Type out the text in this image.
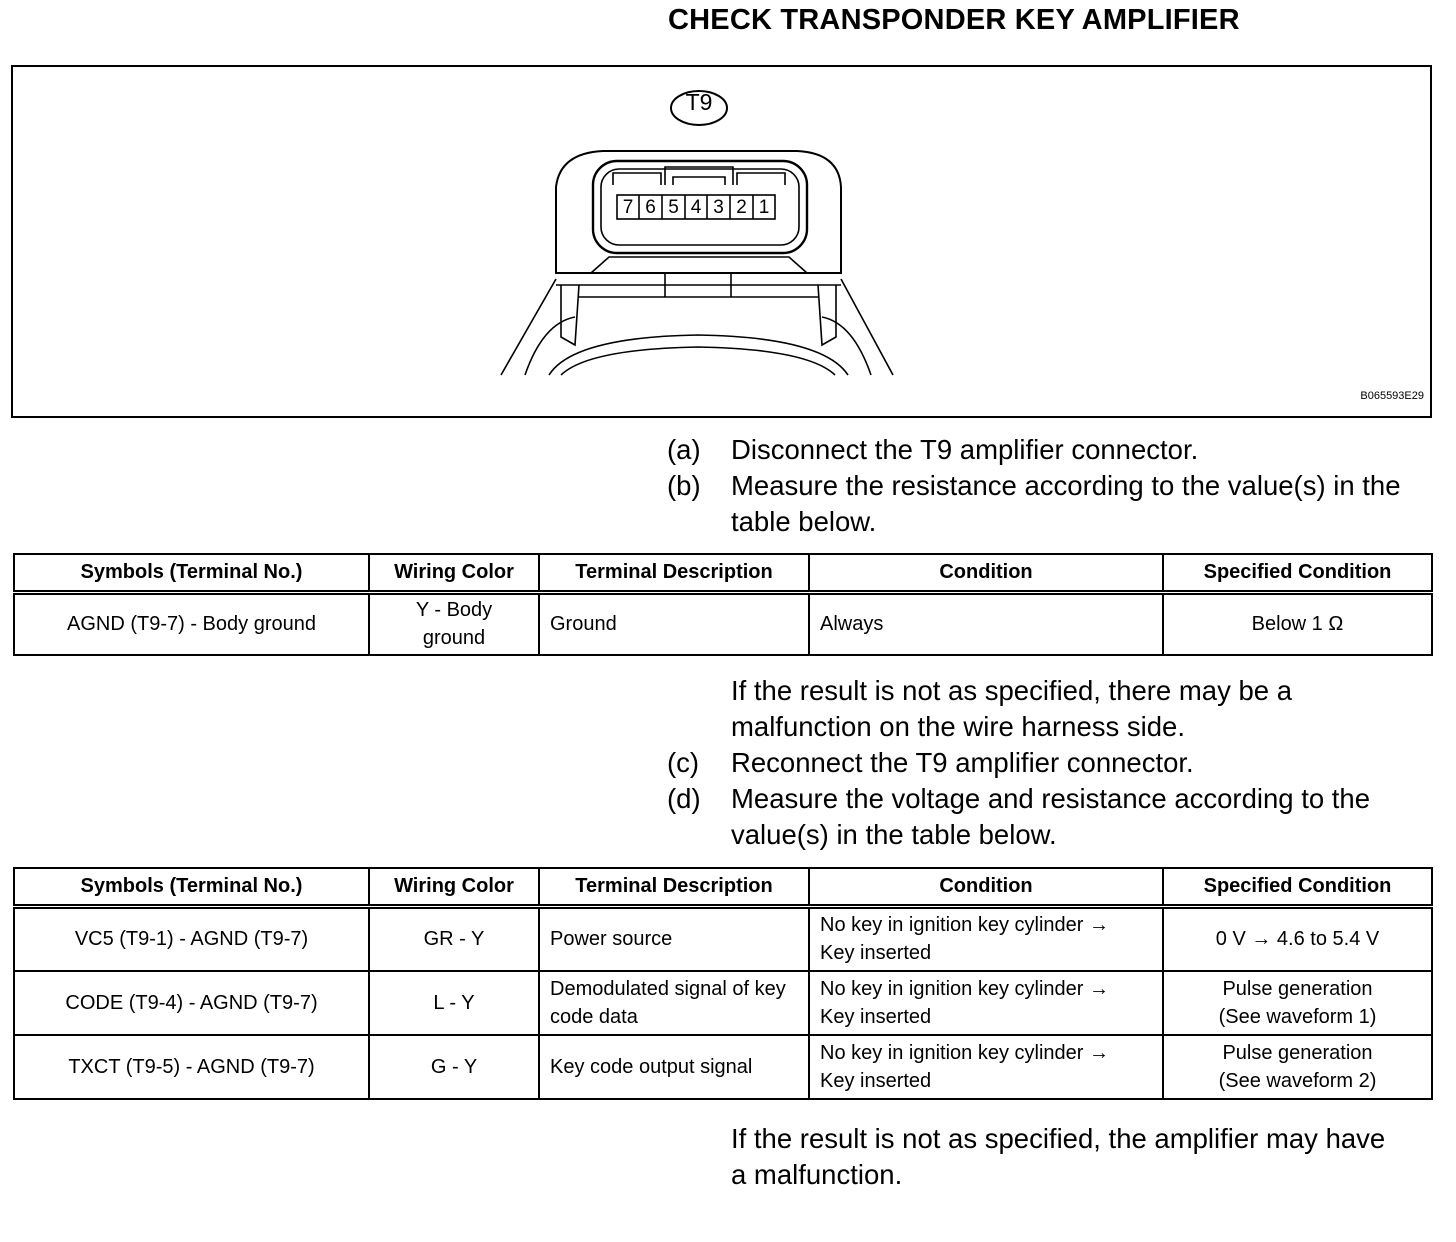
CHECK TRANSPONDER KEY AMPLIFIER
T9
7 6 5 4 3 2 1
B065593E29
(a)	Disconnect the T9 amplifier connector.
(b)	Measure the resistance according to the value(s) in the table below.
Symbols (Terminal No.)	Wiring Color	Terminal Description	Condition	Specified Condition
AGND (T9-7) - Body ground	Y - Body ground	Ground	Always	Below 1 Ω
If the result is not as specified, there may be a malfunction on the wire harness side.
(c)	Reconnect the T9 amplifier connector.
(d)	Measure the voltage and resistance according to the value(s) in the table below.
Symbols (Terminal No.)	Wiring Color	Terminal Description	Condition	Specified Condition
VC5 (T9-1) - AGND (T9-7)	GR - Y	Power source	No key in ignition key cylinder → Key inserted	0 V → 4.6 to 5.4 V
CODE (T9-4) - AGND (T9-7)	L - Y	Demodulated signal of key code data	No key in ignition key cylinder → Key inserted	Pulse generation (See waveform 1)
TXCT (T9-5) - AGND (T9-7)	G - Y	Key code output signal	No key in ignition key cylinder → Key inserted	Pulse generation (See waveform 2)
If the result is not as specified, the amplifier may have a malfunction.
